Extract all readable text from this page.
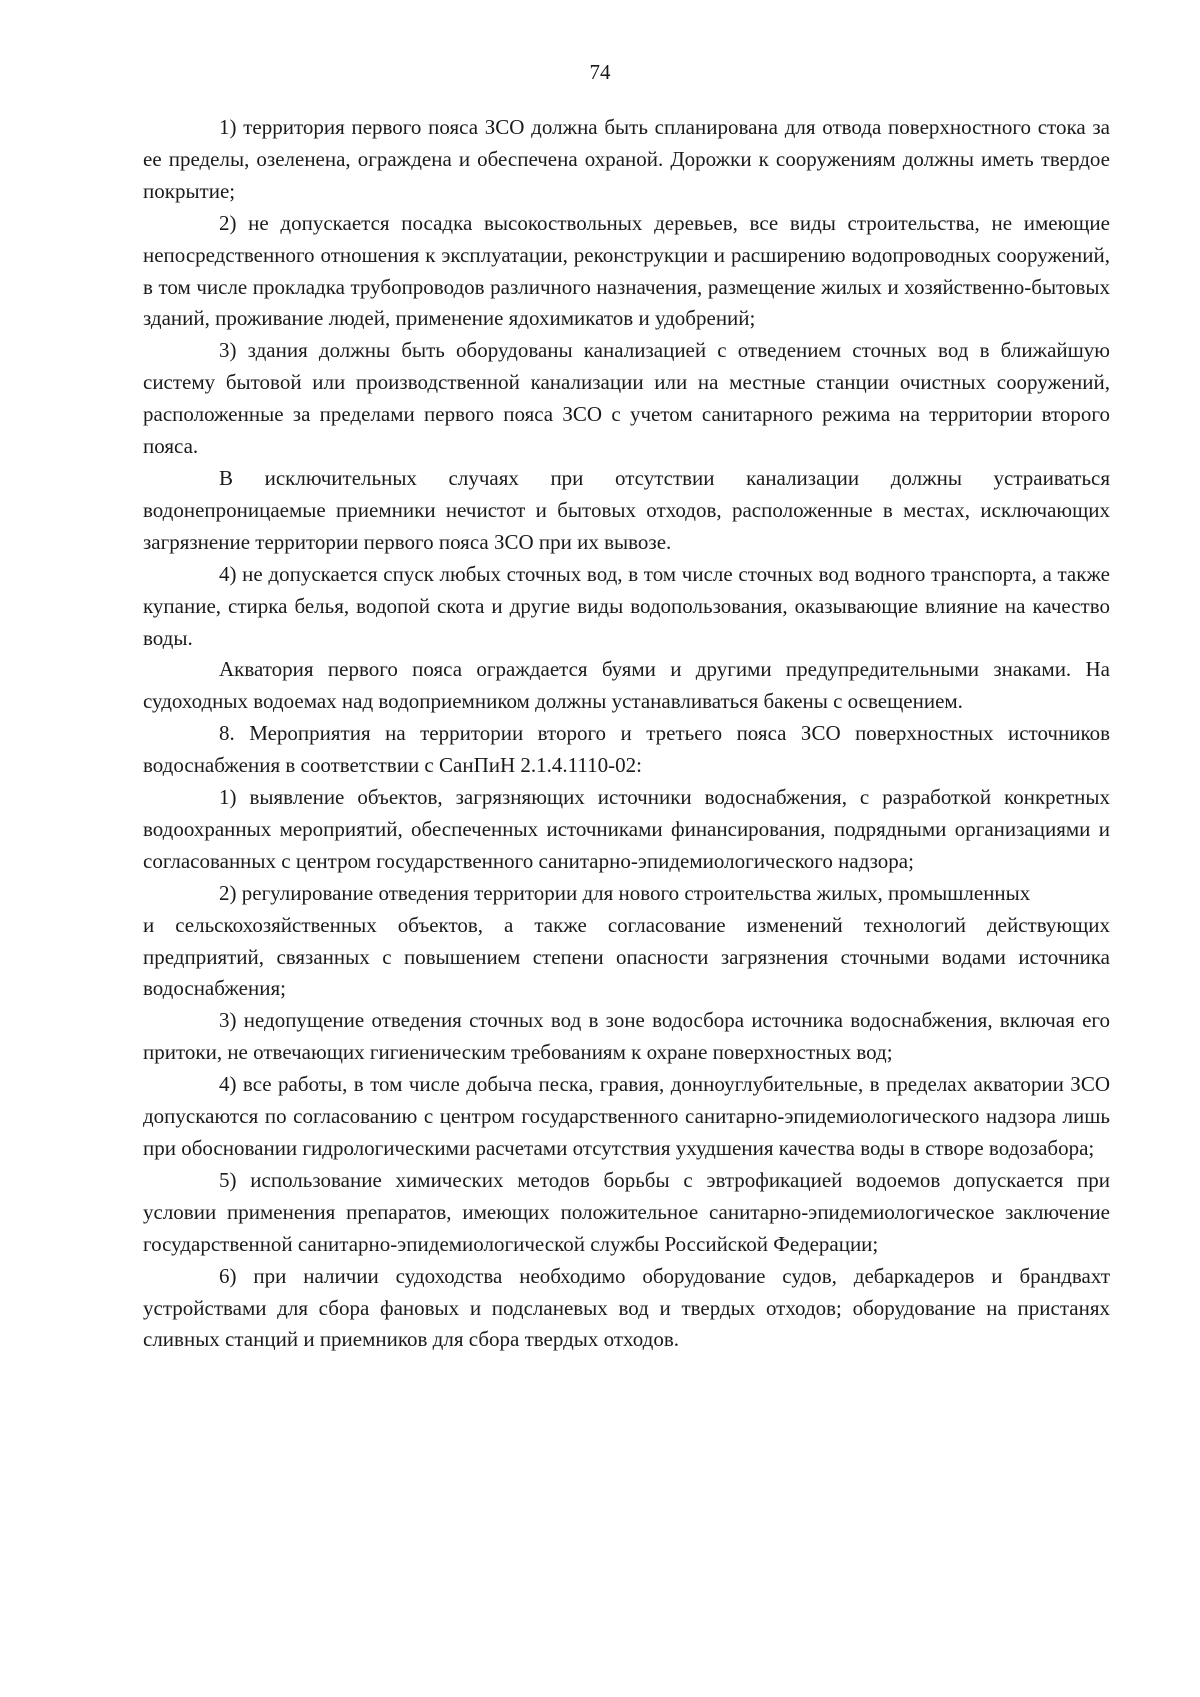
74

1) территория первого пояса ЗСО должна быть спланирована для отвода поверхностного стока за ее пределы, озеленена, ограждена и обеспечена охраной. Дорожки к сооружениям должны иметь твердое покрытие;

2) не допускается посадка высокоствольных деревьев, все виды строительства, не имеющие непосредственного отношения к эксплуатации, реконструкции и расширению водопроводных сооружений, в том числе прокладка трубопроводов различного назначения, размещение жилых и хозяйственно-бытовых зданий, проживание людей, применение ядохимикатов и удобрений;

3) здания должны быть оборудованы канализацией с отведением сточных вод в ближайшую систему бытовой или производственной канализации или на местные станции очистных сооружений, расположенные за пределами первого пояса ЗСО с учетом санитарного режима на территории второго пояса.

В исключительных случаях при отсутствии канализации должны устраиваться водонепроницаемые приемники нечистот и бытовых отходов, расположенные в местах, исключающих загрязнение территории первого пояса ЗСО при их вывозе.

4) не допускается спуск любых сточных вод, в том числе сточных вод водного транспорта, а также купание, стирка белья, водопой скота и другие виды водопользования, оказывающие влияние на качество воды.

Акватория первого пояса ограждается буями и другими предупредительными знаками. На судоходных водоемах над водоприемником должны устанавливаться бакены с освещением.

8. Мероприятия на территории второго и третьего пояса ЗСО поверхностных источников водоснабжения в соответствии с СанПиН 2.1.4.1110-02:

1) выявление объектов, загрязняющих источники водоснабжения, с разработкой конкретных водоохранных мероприятий, обеспеченных источниками финансирования, подрядными организациями и согласованных с центром государственного санитарно-эпидемиологического надзора;

2) регулирование отведения территории для нового строительства жилых, промышленных

и сельскохозяйственных объектов, а также согласование изменений технологий действующих предприятий, связанных с повышением степени опасности загрязнения сточными водами источника водоснабжения;

3) недопущение отведения сточных вод в зоне водосбора источника водоснабжения, включая его притоки, не отвечающих гигиеническим требованиям к охране поверхностных вод;

4) все работы, в том числе добыча песка, гравия, донноуглубительные, в пределах акватории ЗСО допускаются по согласованию с центром государственного санитарно-эпидемиологического надзора лишь при обосновании гидрологическими расчетами отсутствия ухудшения качества воды в створе водозабора;

5) использование химических методов борьбы с эвтрофикацией водоемов допускается при условии применения препаратов, имеющих положительное санитарно-эпидемиологическое заключение государственной санитарно-эпидемиологической службы Российской Федерации;

6) при наличии судоходства необходимо оборудование судов, дебаркадеров и брандвахт устройствами для сбора фановых и подсланевых вод и твердых отходов; оборудование на пристанях сливных станций и приемников для сбора твердых отходов.
